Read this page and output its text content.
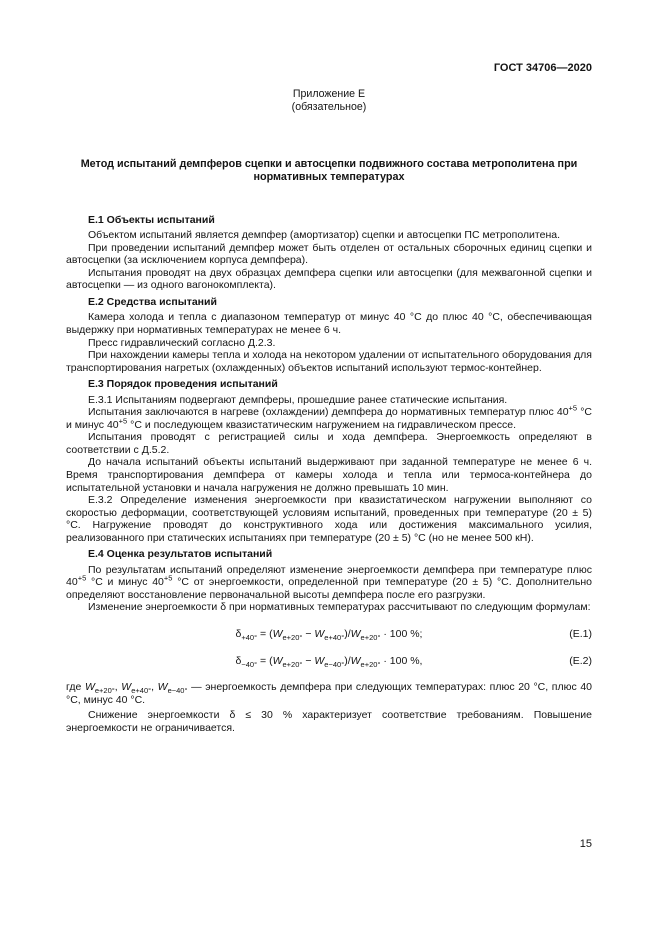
ГОСТ 34706—2020
Приложение Е
(обязательное)
Метод испытаний демпферов сцепки и автосцепки подвижного состава метрополитена при нормативных температурах
Е.1 Объекты испытаний

Объектом испытаний является демпфер (амортизатор) сцепки и автосцепки ПС метрополитена.

При проведении испытаний демпфер может быть отделен от остальных сборочных единиц сцепки и автосцепки (за исключением корпуса демпфера).

Испытания проводят на двух образцах демпфера сцепки или автосцепки (для межвагонной сцепки и автосцепки — из одного вагонокомплекта).

Е.2 Средства испытаний

Камера холода и тепла с диапазоном температур от минус 40 °С до плюс 40 °С, обеспечивающая выдержку при нормативных температурах не менее 6 ч.

Пресс гидравлический согласно Д.2.3.

При нахождении камеры тепла и холода на некотором удалении от испытательного оборудования для транспортирования нагретых (охлажденных) объектов испытаний используют термос-контейнер.

Е.3 Порядок проведения испытаний

Е.3.1 Испытаниям подвергают демпферы, прошедшие ранее статические испытания.

Испытания заключаются в нагреве (охлаждении) демпфера до нормативных температур плюс $40^{+5}$ °С и минус $40^{+5}$ °С и последующем квазистатическим нагружением на гидравлическом прессе.

Испытания проводят с регистрацией силы и хода демпфера. Энергоемкость определяют в соответствии с Д.5.2.

До начала испытаний объекты испытаний выдерживают при заданной температуре не менее 6 ч. Время транспортирования демпфера от камеры холода и тепла или термоса-контейнера до испытательной установки и начала нагружения не должно превышать 10 мин.

Е.3.2 Определение изменения энергоемкости при квазистатическом нагружении выполняют со скоростью деформации, соответствующей условиям испытаний, проведенных при температуре (20 ± 5) °С. Нагружение проводят до конструктивного хода или достижения максимального усилия, реализованного при статических испытаниях при температуре (20 ± 5) °С (но не менее 500 кН).

Е.4 Оценка результатов испытаний

По результатам испытаний определяют изменение энергоемкости демпфера при температуре плюс $40^{+5}$ °С и минус $40^{+5}$ °С от энергоемкости, определенной при температуре (20 ± 5) °С. Дополнительно определяют восстановление первоначальной высоты демпфера после его разгрузки.

Изменение энергоемкости δ при нормативных температурах рассчитывают по следующим формулам:

$\delta_{+40^\circ} = (W_{е+20^\circ} - W_{е+40^\circ})/W_{е+20^\circ} \cdot 100$ %;	(Е.1)
$\delta_{-40^\circ} = (W_{е+20^\circ} - W_{е-40^\circ})/W_{е+20^\circ} \cdot 100$ %,	(Е.2)

где $W_{е+20^\circ}$, $W_{е+40^\circ}$, $W_{е-40^\circ}$ — энергоемкость демпфера при следующих температурах: плюс 20 °С, плюс 40 °С, минус 40 °С.

Снижение энергоемкости δ ≤ 30 % характеризует соответствие требованиям. Повышение энергоемкости не ограничивается.

15
